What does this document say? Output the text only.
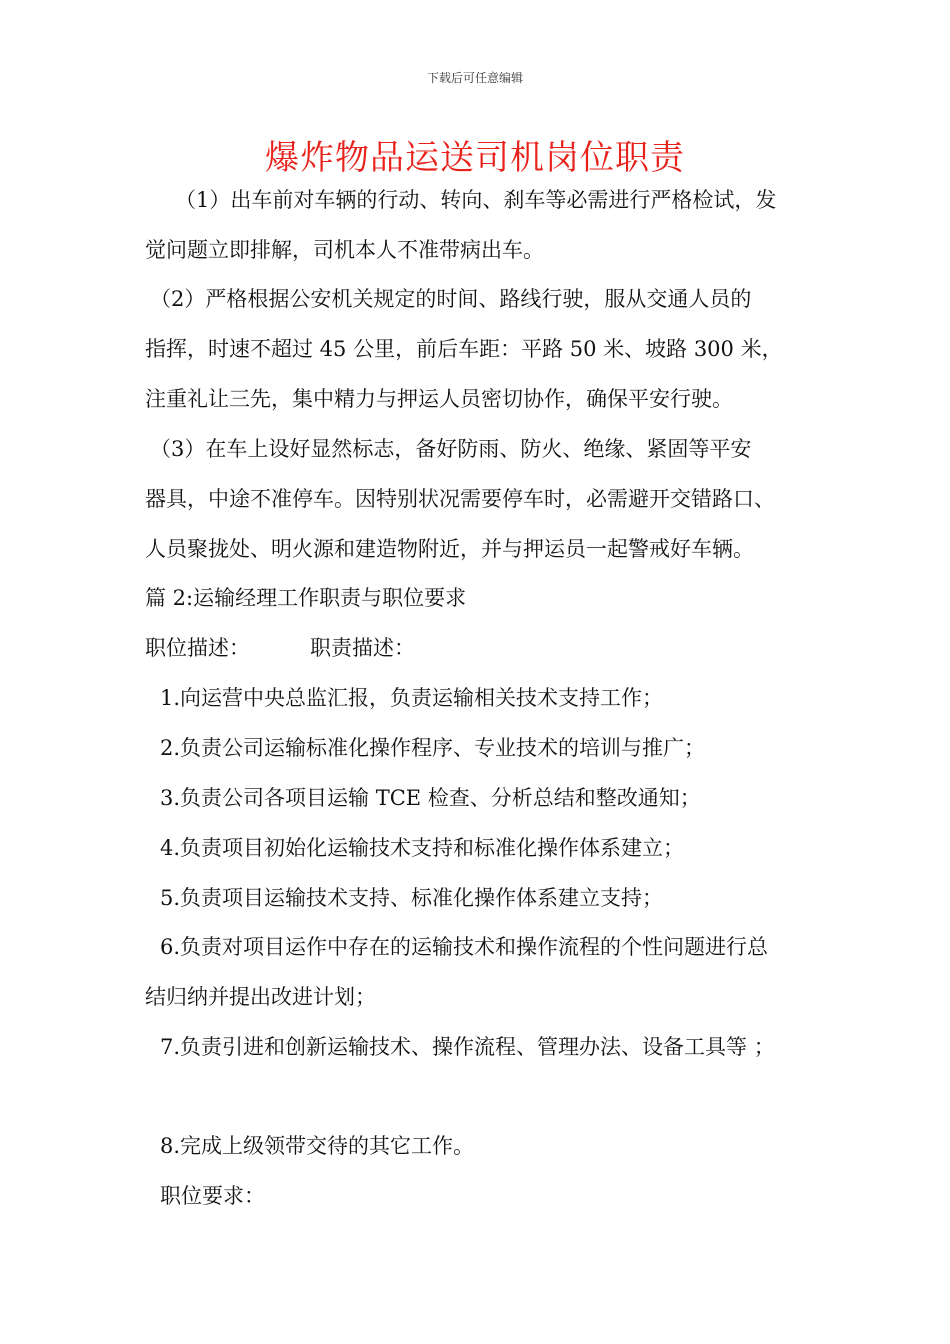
下载后可任意编辑
爆炸物品运送司机岗位职责
（1）出车前对车辆的行动、转向、刹车等必需进行严格检试，发
觉问题立即排解，司机本人不准带病出车。
（2）严格根据公安机关规定的时间、路线行驶，服从交通人员的
指挥，时速不超过 45 公里，前后车距：平路 50 米、坡路 300 米，
注重礼让三先，集中精力与押运人员密切协作，确保平安行驶。
（3）在车上设好显然标志，备好防雨、防火、绝缘、紧固等平安
器具，中途不准停车。因特别状况需要停车时，必需避开交错路口、
人员聚拢处、明火源和建造物附近，并与押运员一起警戒好车辆。
篇 2:运输经理工作职责与职位要求
职位描述：	职责描述：
1.向运营中央总监汇报，负责运输相关技术支持工作；
2.负责公司运输标准化操作程序、专业技术的培训与推广；
3.负责公司各项目运输 TCE 检查、分析总结和整改通知；
4.负责项目初始化运输技术支持和标准化操作体系建立；
5.负责项目运输技术支持、标准化操作体系建立支持；
6.负责对项目运作中存在的运输技术和操作流程的个性问题进行总
结归纳并提出改进计划；
7.负责引进和创新运输技术、操作流程、管理办法、设备工具等 ；
8.完成上级领带交待的其它工作。
职位要求：
